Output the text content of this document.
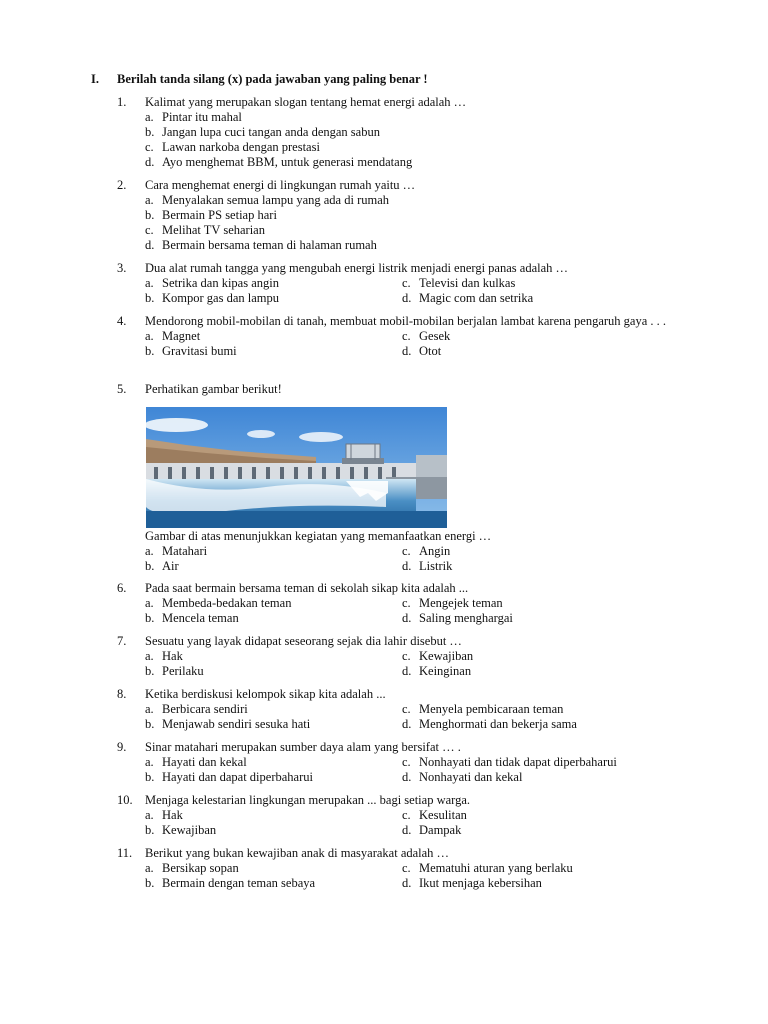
I. Berilah tanda silang (x) pada jawaban yang paling benar !
1.	Kalimat yang merupakan slogan tentang hemat energi adalah …
a. Pintar itu mahal
b. Jangan lupa cuci tangan anda dengan sabun
c. Lawan narkoba dengan prestasi
d. Ayo menghemat BBM, untuk generasi mendatang
2.	Cara menghemat energi di lingkungan rumah yaitu …
a. Menyalakan semua lampu yang ada di rumah
b. Bermain PS setiap hari
c. Melihat TV seharian
d. Bermain bersama teman di halaman rumah
3.	Dua alat rumah tangga yang mengubah energi listrik menjadi energi panas adalah …
a. Setrika dan kipas angin	c. Televisi dan kulkas
b. Kompor gas dan lampu	d. Magic com dan setrika
4.	Mendorong mobil-mobilan di tanah, membuat mobil-mobilan berjalan lambat karena pengaruh gaya . . .
a. Magnet	c. Gesek
b. Gravitasi bumi	d. Otot
5.	Perhatikan gambar berikut!
Gambar di atas menunjukkan kegiatan yang memanfaatkan energi …
a. Matahari	c. Angin
b. Air	d. Listrik
6.	Pada saat bermain bersama teman di sekolah sikap kita adalah ...
a. Membeda-bedakan teman	c. Mengejek teman
b. Mencela teman	d. Saling menghargai
7.	Sesuatu yang layak didapat seseorang sejak dia lahir disebut …
a. Hak	c. Kewajiban
b. Perilaku	d. Keinginan
8.	Ketika berdiskusi kelompok sikap kita adalah ...
a. Berbicara sendiri	c. Menyela pembicaraan teman
b. Menjawab sendiri sesuka hati	d. Menghormati dan bekerja sama
9.	Sinar matahari merupakan sumber daya alam yang bersifat … .
a. Hayati dan kekal	c. Nonhayati dan tidak dapat diperbaharui
b. Hayati dan dapat diperbaharui	d. Nonhayati dan kekal
10. Menjaga kelestarian lingkungan merupakan ... bagi setiap warga.
a. Hak	c. Kesulitan
b. Kewajiban	d. Dampak
11.	Berikut yang bukan kewajiban anak di masyarakat adalah …
a. Bersikap sopan	c. Mematuhi aturan yang berlaku
b. Bermain dengan teman sebaya	d. Ikut menjaga kebersihan
